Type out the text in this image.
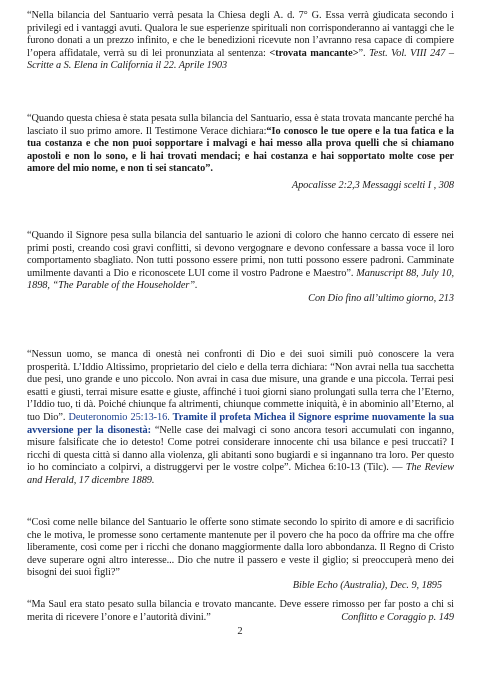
“Nella bilancia del Santuario verrà pesata la Chiesa degli A. d. 7° G. Essa verrà giudicata secondo i privilegi ed i vantaggi avuti. Qualora le sue esperienze spirituali non corrisponderanno ai vantaggi che le furono donati a un prezzo infinito, e che le benedizioni ricevute non l’avranno resa capace di compiere l’opera affidatale, verrà su di lei pronunziata al sentenza: <trovata mancante>”. Test. Vol. VIII 247 – Scritte a S. Elena in California il 22. Aprile 1903

“Quando questa chiesa è stata pesata sulla bilancia del Santuario, essa è stata trovata mancante perché ha lasciato il suo primo amore. Il Testimone Verace dichiara:“Io conosco le tue opere e la tua fatica e la tua costanza e che non puoi sopportare i malvagi e hai messo alla prova quelli che si chiamano apostoli e non lo sono, e li hai trovati mendaci; e hai costanza e hai sopportato molte cose per amore del mio nome, e non ti sei stancato”.

Apocalisse 2:2,3 Messaggi scelti I , 308

“Quando il Signore pesa sulla bilancia del santuario le azioni di coloro che hanno cercato di essere nei primi posti, creando così gravi conflitti, si devono vergognare e devono confessare a bassa voce il loro comportamento sbagliato. Non tutti possono essere primi, non tutti possono essere padroni. Camminate umilmente davanti a Dio e riconoscete LUI come il vostro Padrone e Maestro”. Manuscript 88, July 10, 1898, “The Parable of the Householder”.

Con Dio fino all’ultimo giorno, 213

“Nessun uomo, se manca di onestà nei confronti di Dio e dei suoi simili può conoscere la vera prosperità. L’Iddio Altissimo, proprietario del cielo e della terra dichiara: “Non avrai nella tua sacchetta due pesi, uno grande e uno piccolo. Non avrai in casa due misure, una grande e una piccola. Terrai pesi esatti e giusti, terrai misure esatte e giuste, affinché i tuoi giorni siano prolungati sulla terra che l’Eterno, l’Iddio tuo, ti dà. Poiché chiunque fa altrimenti, chiunque commette iniquità, è in abominio all’Eterno, al tuo Dio”. Deuteronomio 25:13-16. Tramite il profeta Michea il Signore esprime nuovamente la sua avversione per la disonestà: “Nelle case dei malvagi ci sono ancora tesori accumulati con inganno, misure falsificate che io detesto! Come potrei considerare innocente chi usa bilance e pesi truccati? I ricchi di questa città si danno alla violenza, gli abitanti sono bugiardi e si ingannano tra loro. Per questo io ho cominciato a colpirvi, a distruggervi per le vostre colpe”. Michea 6:10-13 (Tilc). — The Review and Herald, 17 dicembre 1889.

“Così come nelle bilance del Santuario le offerte sono stimate secondo lo spirito di amore e di sacrificio che le motiva, le promesse sono certamente mantenute per il povero che ha poco da offrire ma che offre liberamente, così come per i ricchi che donano maggiormente dalla loro abbondanza. Il Regno di Cristo deve superare ogni altro interesse... Dio che nutre il passero e veste il giglio; si preoccuperà meno dei bisogni dei suoi figli?”

Bible Echo (Australia), Dec. 9, 1895

“Ma Saul era stato pesato sulla bilancia e trovato mancante. Deve essere rimosso per far posto a chi si merita di ricevere l’onore e l’autorità divini.”	Conflitto e Coraggio p. 149

2
